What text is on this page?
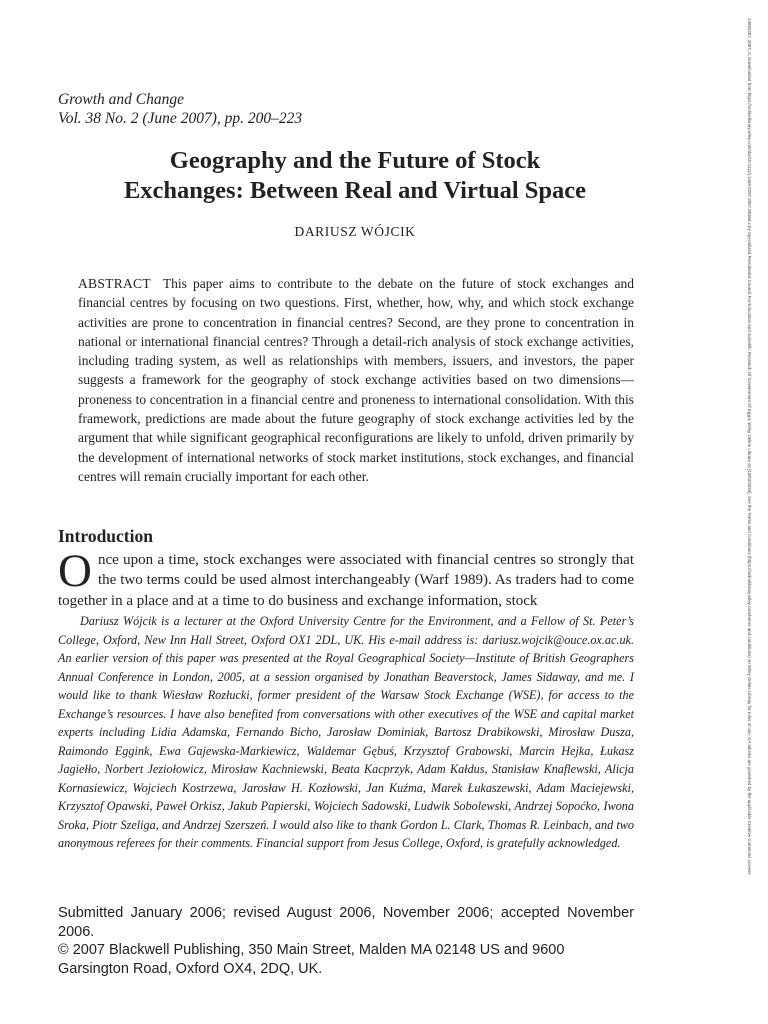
Growth and Change
Vol. 38 No. 2 (June 2007), pp. 200–223
Geography and the Future of Stock
Exchanges: Between Real and Virtual Space
DARIUSZ WÓJCIK

ABSTRACT This paper aims to contribute to the debate on the future of stock exchanges and financial centres by focusing on two questions. First, whether, how, why, and which stock exchange activities are prone to concentration in financial centres? Second, are they prone to concentration in national or international financial centres? Through a detail-rich analysis of stock exchange activities, including trading system, as well as relationships with members, issuers, and investors, the paper suggests a framework for the geography of stock exchange activities based on two dimensions—proneness to concentration in a financial centre and proneness to international consolidation. With this framework, predictions are made about the future geography of stock exchange activities led by the argument that while significant geographical reconfigurations are likely to unfold, driven primarily by the development of international networks of stock market institutions, stock exchanges, and financial centres will remain crucially important for each other.

Introduction

Once upon a time, stock exchanges were associated with financial centres so strongly that the two terms could be used almost interchangeably (Warf 1989). As traders had to come together in a place and at a time to do business and exchange information, stock

Dariusz Wójcik is a lecturer at the Oxford University Centre for the Environment, and a Fellow of St. Peter’s College, Oxford, New Inn Hall Street, Oxford OX1 2DL, UK. His e-mail address is: dariusz.wojcik@ouce.ox.ac.uk. An earlier version of this paper was presented at the Royal Geographical Society—Institute of British Geographers Annual Conference in London, 2005, at a session organised by Jonathan Beaverstock, James Sidaway, and me. I would like to thank Wiesław Rozłucki, former president of the Warsaw Stock Exchange (WSE), for access to the Exchange’s resources. I have also benefited from conversations with other executives of the WSE and capital market experts including Lidia Adamska, Fernando Bicho, Jarosław Dominiak, Bartosz Drabikowski, Mirosław Dusza, Raimondo Eggink, Ewa Gajewska-Markiewicz, Waldemar Gębuś, Krzysztof Grabowski, Marcin Hejka, Łukasz Jagiełło, Norbert Jeziołowicz, Mirosław Kachniewski, Beata Kacprzyk, Adam Kałdus, Stanisław Knaflewski, Alicja Kornasiewicz, Wojciech Kostrzewa, Jarosław H. Kozłowski, Jan Kuźma, Marek Łukaszewski, Adam Maciejewski, Krzysztof Opawski, Paweł Orkisz, Jakub Papierski, Wojciech Sadowski, Ludwik Sobolewski, Andrzej Sopoćko, Iwona Sroka, Piotr Szeliga, and Andrzej Szerszeń. I would also like to thank Gordon L. Clark, Thomas R. Leinbach, and two anonymous referees for their comments. Financial support from Jesus College, Oxford, is gratefully acknowledged.

Submitted January 2006; revised August 2006, November 2006; accepted November 2006.

© 2007 Blackwell Publishing, 350 Main Street, Malden MA 02148 US and 9600
Garsington Road, Oxford OX4, 2DQ, UK.

14682257, 2007, 2, Downloaded from https://onlinelibrary.wiley.com/doi/10.1111/j.1468-2257.2007.00365.x by Specialized Presidential Council For Education And Scientific Research Of Government Of Egypt, Wiley Online Library on [13/02/2025]. See the Terms and Conditions (https://onlinelibrary.wiley.com/terms-and-conditions) on Wiley Online Library for rules of use; OA articles are governed by the applicable Creative Commons License
